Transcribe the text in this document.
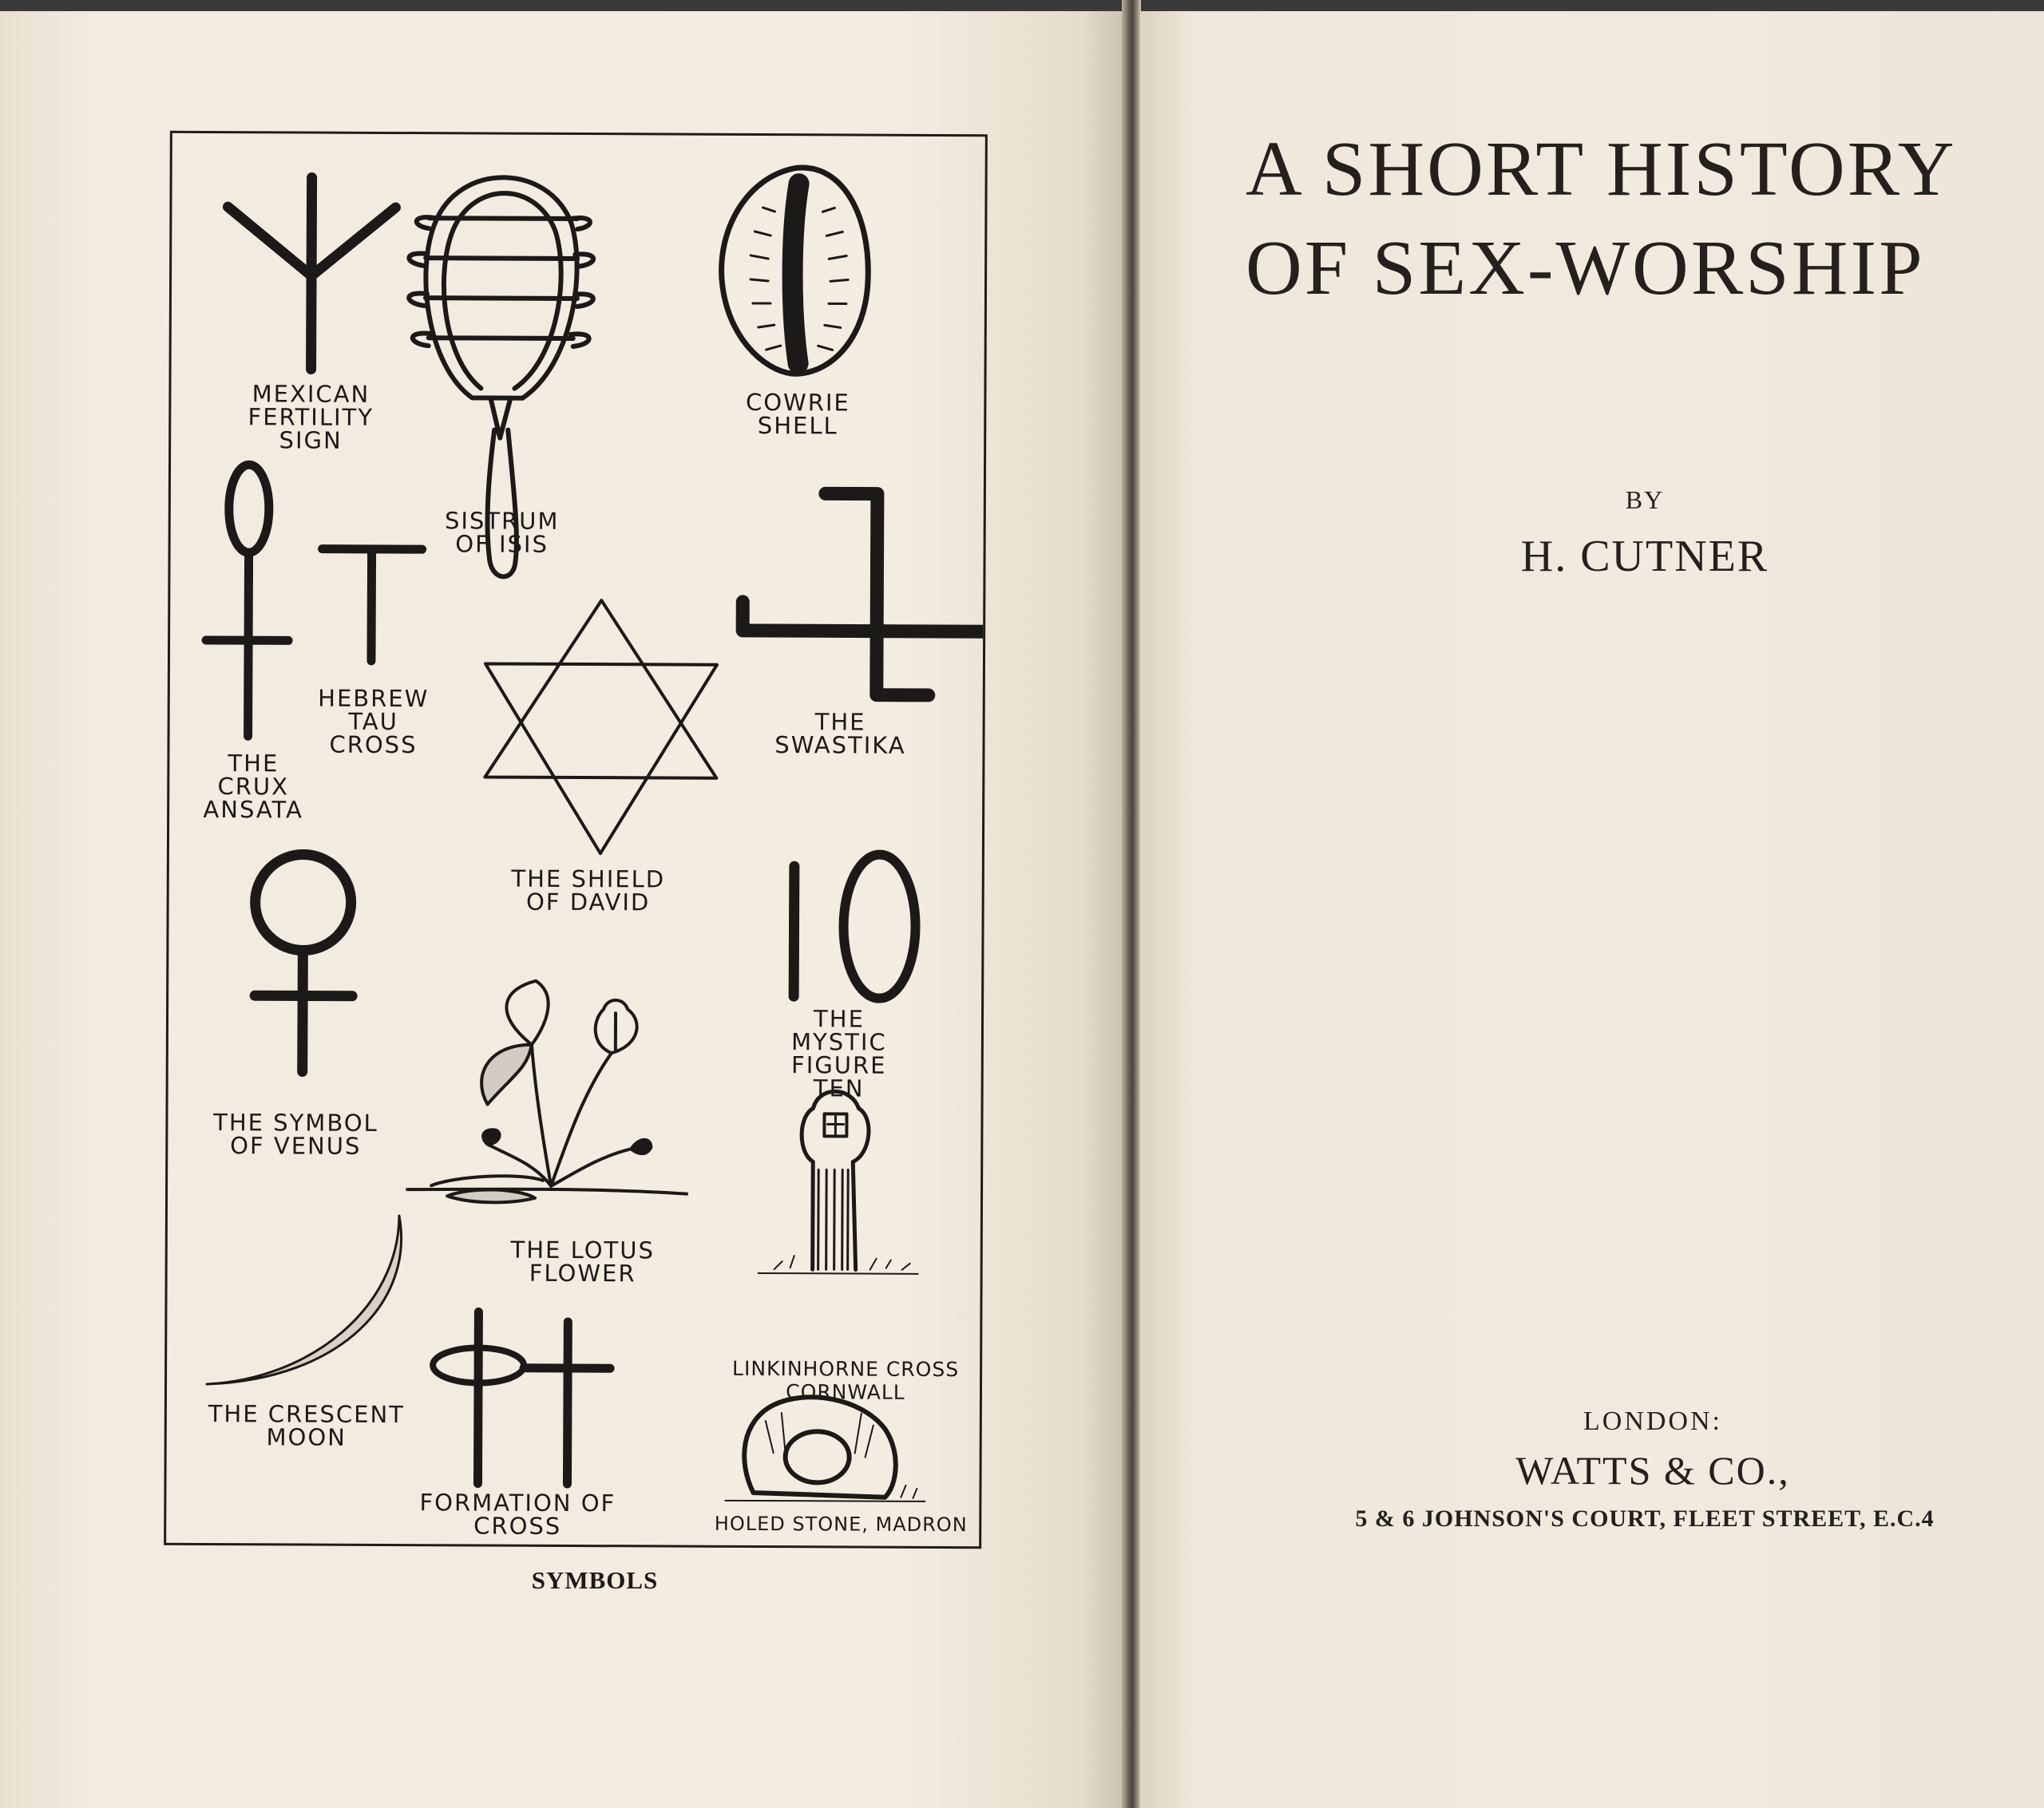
MEXICAN
FERTILITY
SIGN
SISTRUM
OF ISIS
COWRIE
SHELL
HEBREW
TAU
CROSS
THE
CRUX
ANSATA
THE
SWASTIKA
THE SHIELD
OF DAVID
THE SYMBOL
OF VENUS
THE
MYSTIC
FIGURE
TEN
THE LOTUS
FLOWER
LINKINHORNE CROSS
CORNWALL
THE CRESCENT
MOON
FORMATION OF
CROSS	HOLED STONE, MADRON
SYMBOLS
A SHORT HISTORY
OF SEX-WORSHIP
BY
H. CUTNER
LONDON:
WATTS & CO.,
5 & 6 JOHNSON'S COURT, FLEET STREET, E.C.4
